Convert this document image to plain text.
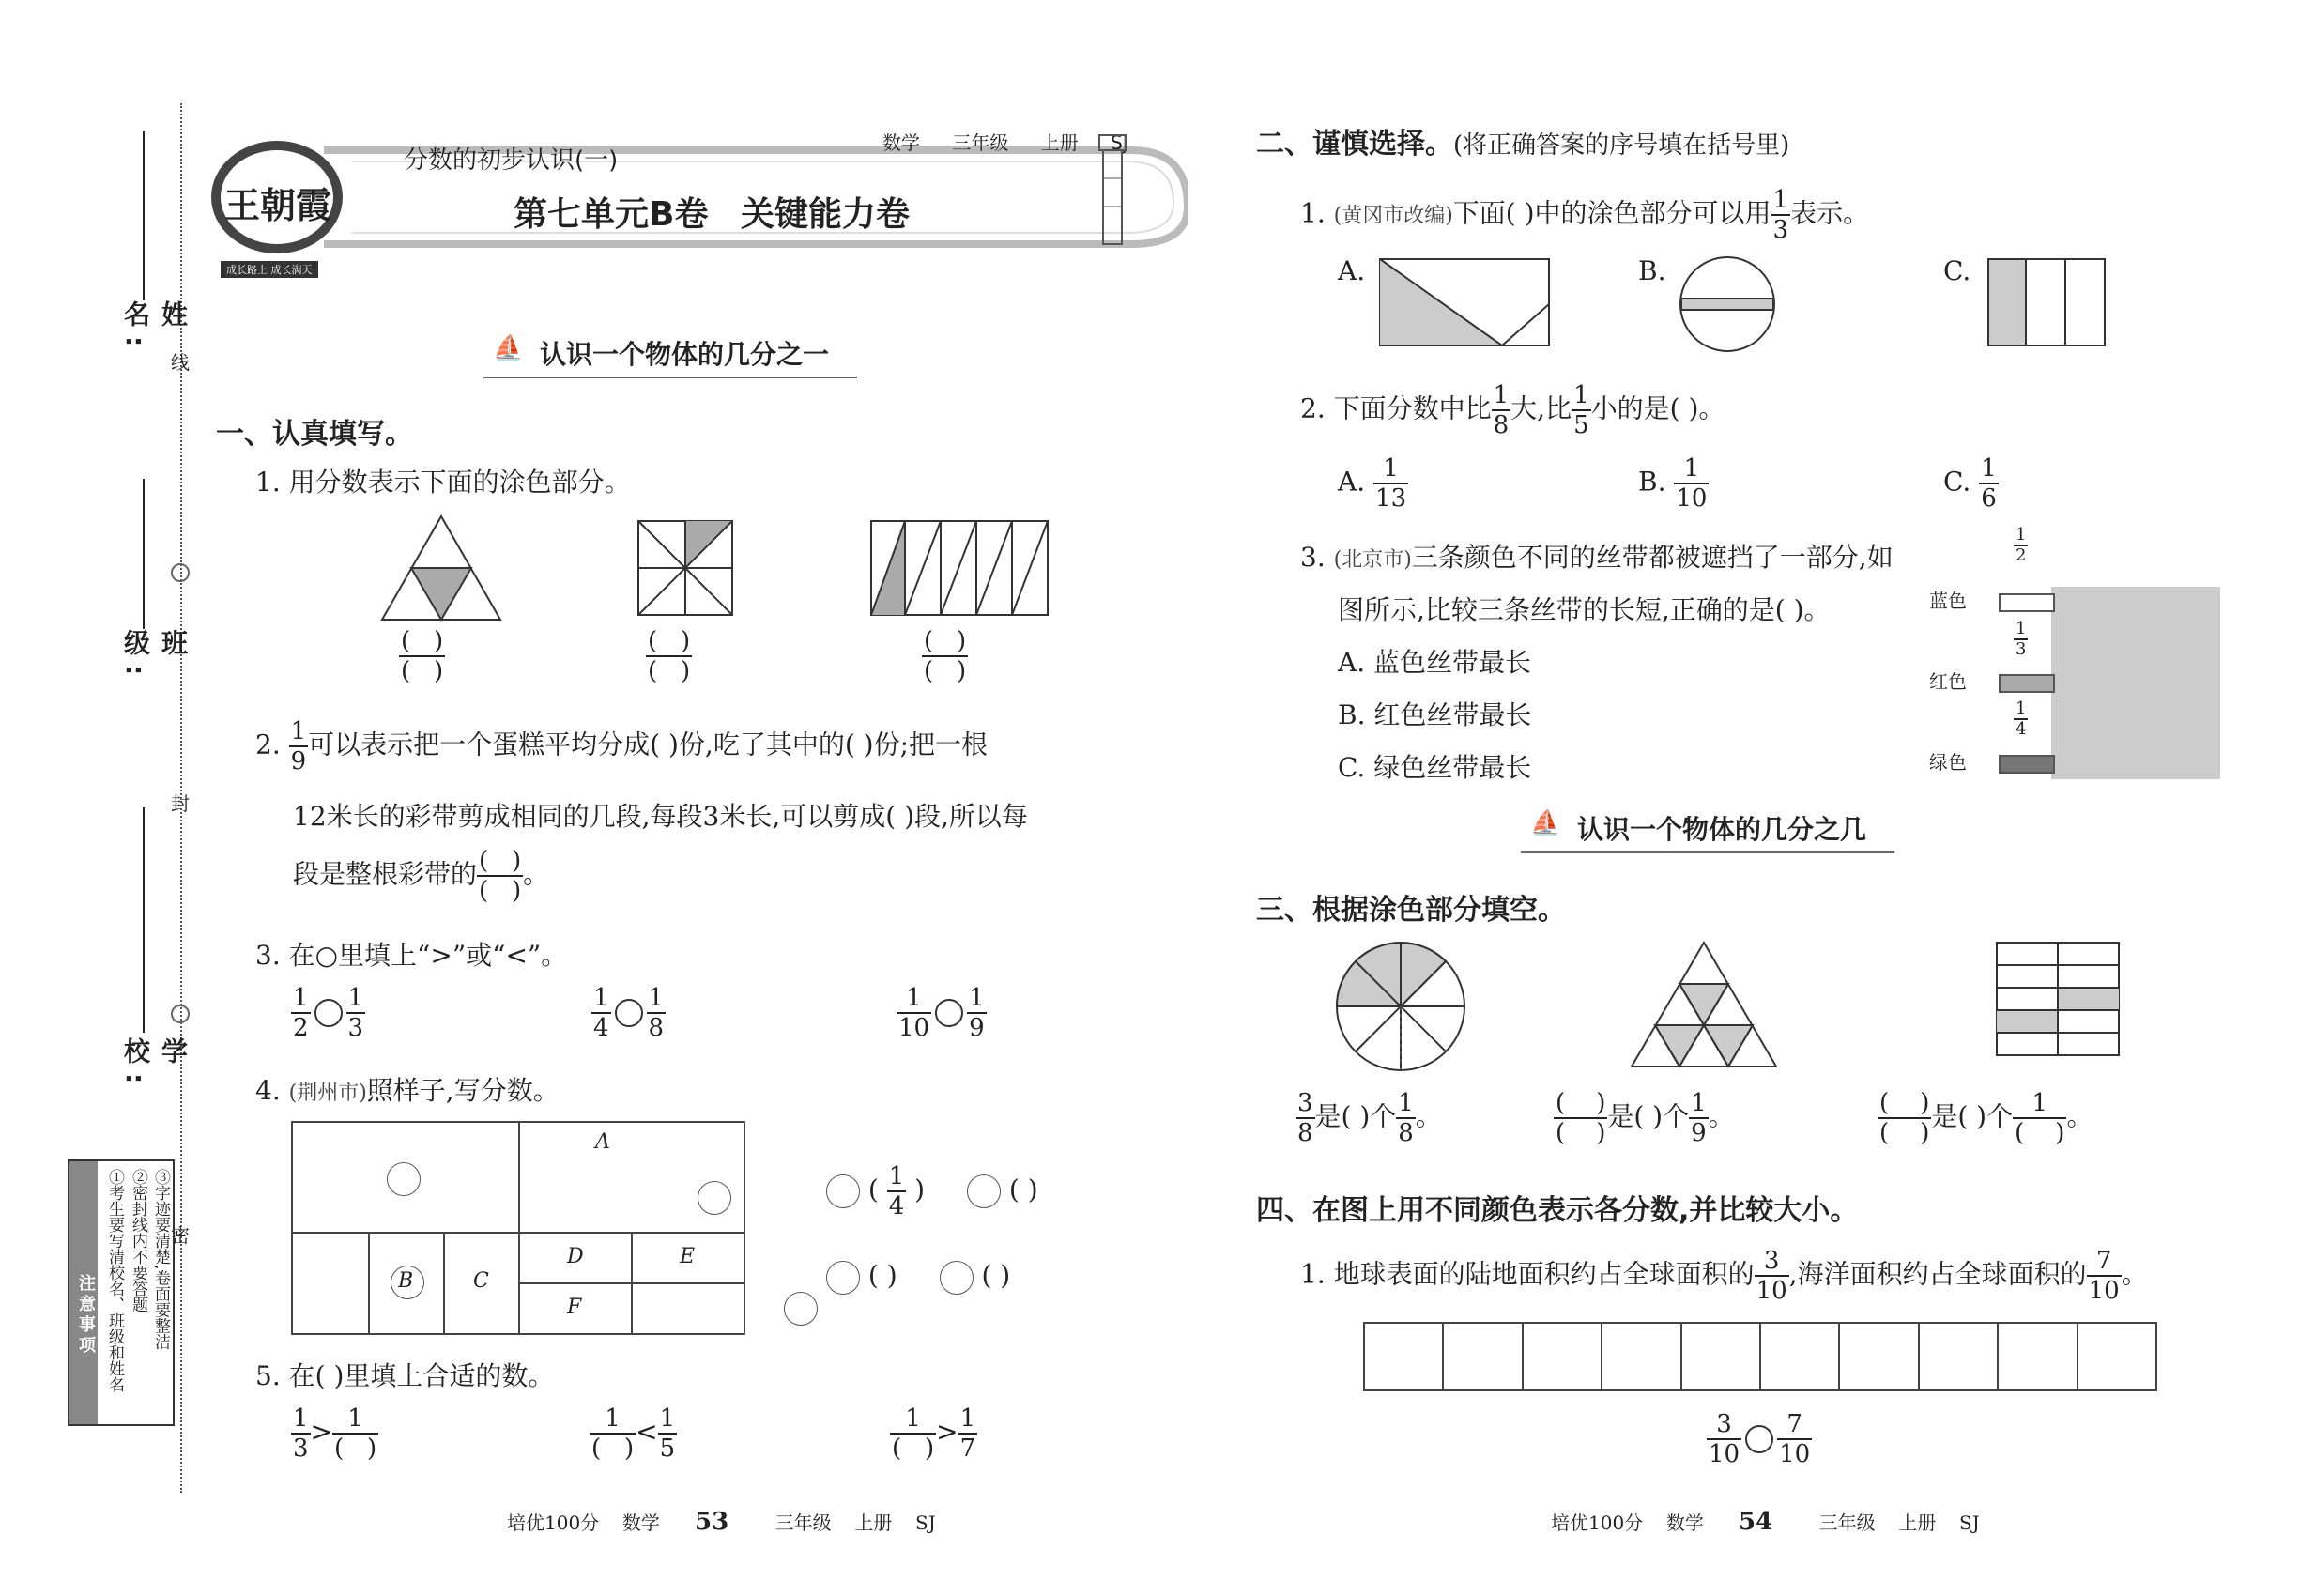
姓 名:
班 级:
学 校:
线
封
密
注意事项 ①考生要写清校名、班级和姓名 ②密封线内不要答题 ③字迹要清楚,卷面要整洁
王朝霞
成长路上 成长满天
分数的初步认识(一)
数学 三年级 上册 SJ
第七单元B卷 关键能力卷
⛵ 认识一个物体的几分之一
一、认真填写。
1. 用分数表示下面的涂色部分。
(   )
(   )
(   )
(   )
(   )
(   )
2. $\frac{1}{9}$ 可以表示把一个蛋糕平均分成( )份,吃了其中的( )份;把一根
12米长的彩带剪成相同的几段,每段3米长,可以剪成( )段,所以每
段是整根彩带的 (   )
(   )
。
3. 在○里填上“>”或“<”。
$\frac{1}{2} \frac{1}{3}$	$\frac{1}{4} \frac{1}{8}$	$\frac{1}{10} \frac{1}{9}$
4. (荆州市)照样子,写分数。

A

B	C
D	E
F
( $\frac{1}{4}$ )	( )
( )	( )
5. 在( )里填上合适的数。
$\frac{1}{3} > 1$
(   )
1
(   )
< $\frac{1}{5}$	1
(   )
> $\frac{1}{7}$
培优100分 数学 53 三年级 上册 SJ
二、谨慎选择。(将正确答案的序号填在括号里)
1. (黄冈市改编)下面( )中的涂色部分可以用 $\frac{1}{3}$ 表示。
A.	B.	C.
2. 下面分数中比 $\frac{1}{8}$ 大,比 $\frac{1}{5}$ 小的是( )。
A. $\frac{1}{13}$	B. $\frac{1}{10}$	C. $\frac{1}{6}$
3. (北京市)三条颜色不同的丝带都被遮挡了一部分,如
图所示,比较三条丝带的长短,正确的是( )。
A. 蓝色丝带最长
B. 红色丝带最长
C. 绿色丝带最长
1
2
蓝色
1
3
红色
1
4
绿色
⛵ 认识一个物体的几分之几
三、根据涂色部分填空。
$\frac{3}{8}$ 是( )个 $\frac{1}{8}$ 。	(    )
(    )
是( )个 $\frac{1}{9}$ 。	(    )
(    )
是( )个 1
(    )
。
四、在图上用不同颜色表示各分数,并比较大小。
1. 地球表面的陆地面积约占全球面积的 $\frac{3}{10}$ ,海洋面积约占全球面积的 $\frac{7}{10}$ 。
$\frac{3}{10} \frac{7}{10}$
培优100分 数学 54 三年级 上册 SJ
